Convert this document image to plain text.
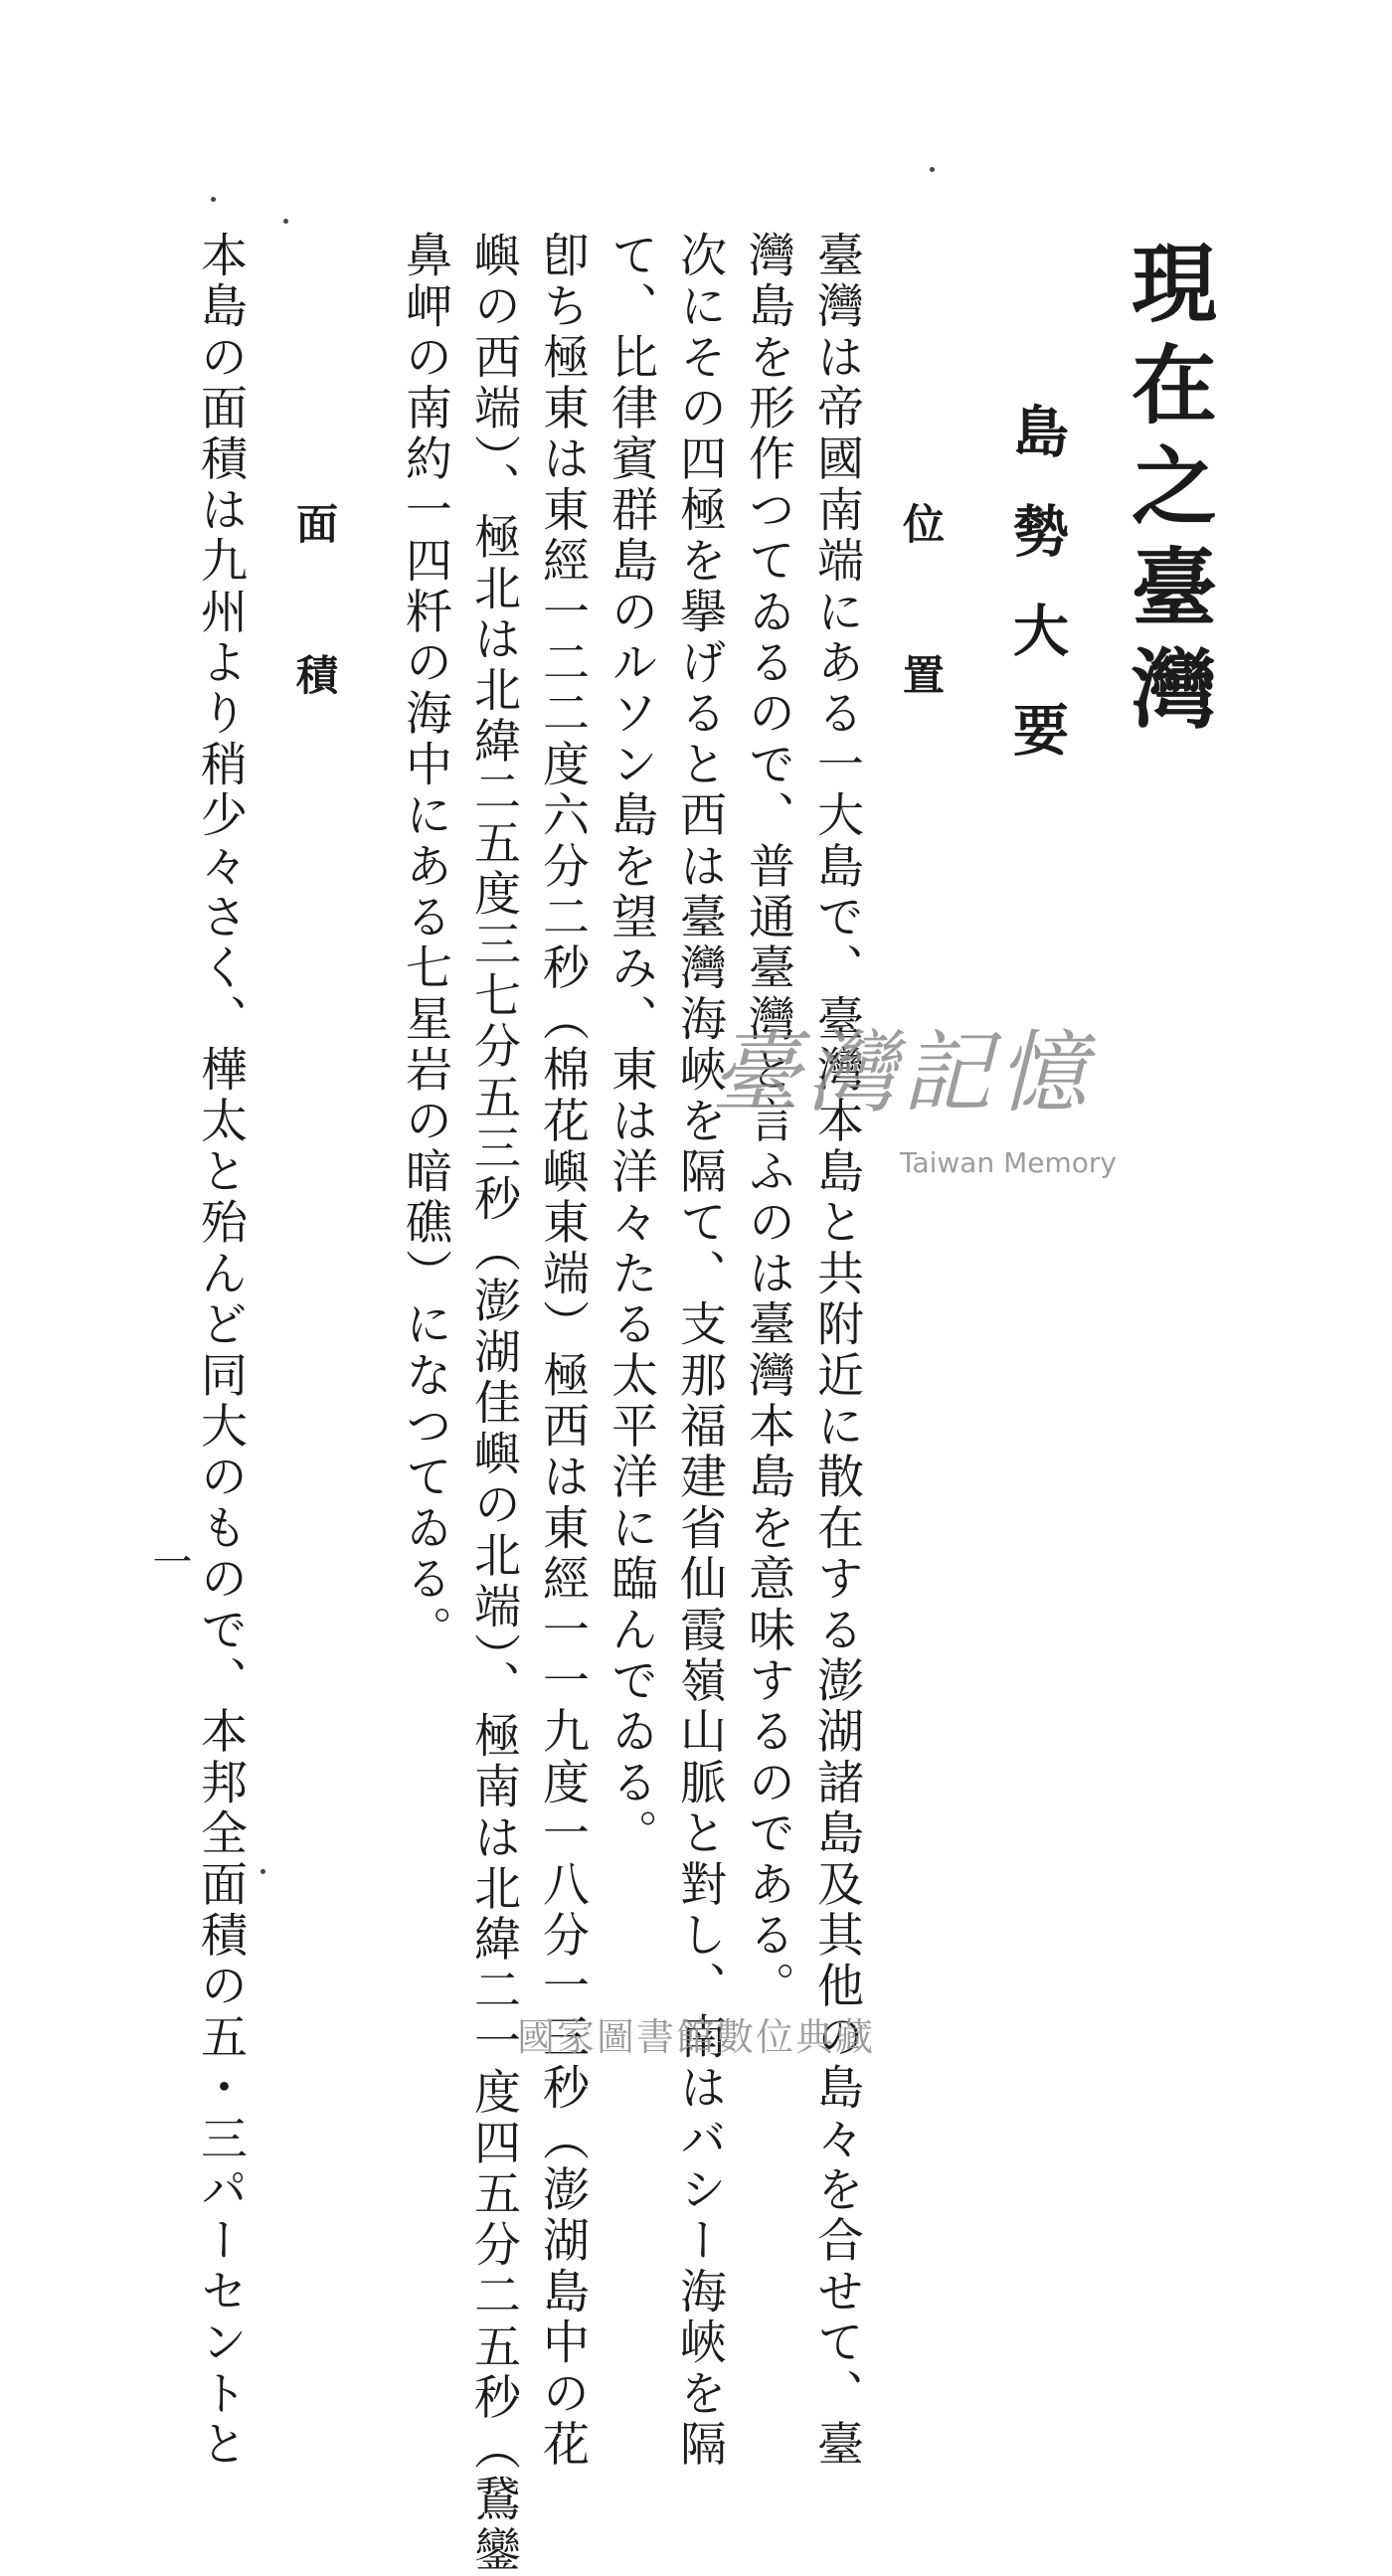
現在之臺灣
島勢大要
位置
臺灣は帝國南端にある一大島で、臺灣本島と共附近に散在する澎湖諸島及其他の島々を合せて、臺
灣島を形作つてゐるので、普通臺灣と言ふのは臺灣本島を意味するのである。
次にその四極を擧げると西は臺灣海峽を隔て、支那福建省仙霞嶺山脈と對し、南はバシー海峽を隔
て、比律賓群島のルソン島を望み、東は洋々たる太平洋に臨んでゐる。
卽ち極東は東經一二二度六分二秒（棉花嶼東端）極西は東經一一九度一八分一三秒（澎湖島中の花
嶼の西端）、極北は北緯二五度三七分五三秒（澎湖佳嶼の北端）、極南は北緯二一度四五分二五秒（鵞鑾
鼻岬の南約一四粁の海中にある七星岩の暗礁）になつてゐる。
面積
本島の面積は九州より稍少々さく、樺太と殆んど同大のもので、本邦全面積の五・三パーセントと
一
臺灣記憶
Taiwan Memory
國家圖書館數位典藏
